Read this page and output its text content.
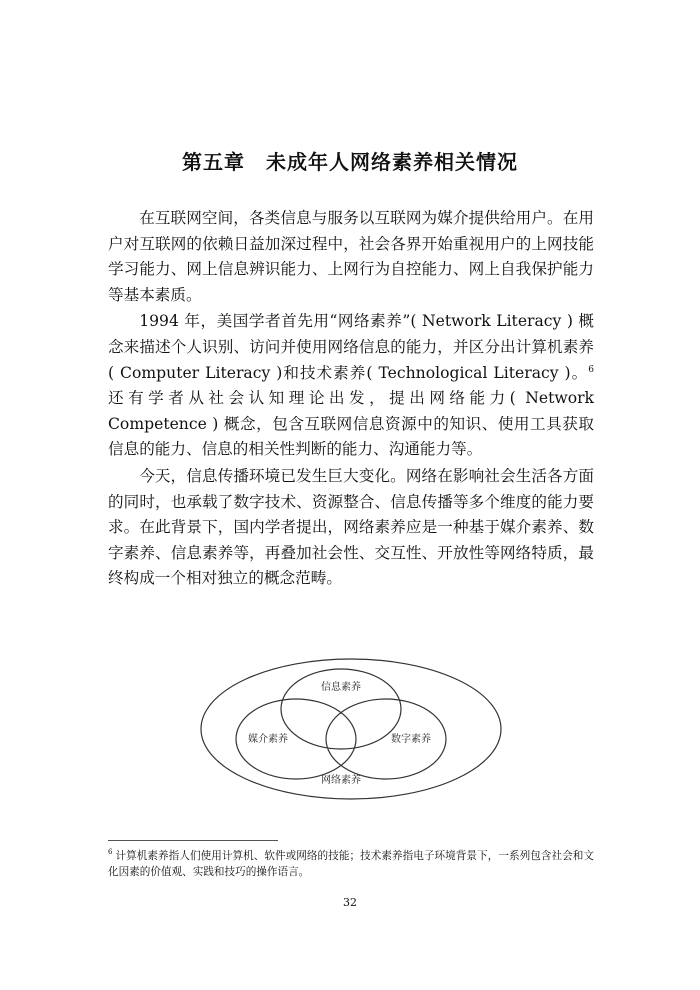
第五章　未成年人网络素养相关情况

在互联网空间，各类信息与服务以互联网为媒介提供给用户。在用户对互联网的依赖日益加深过程中，社会各界开始重视用户的上网技能学习能力、网上信息辨识能力、上网行为自控能力、网上自我保护能力等基本素质。

1994 年，美国学者首先用“网络素养”( Network Literacy ) 概念来描述个人识别、访问并使用网络信息的能力，并区分出计算机素养( Computer Literacy )和技术素养( Technological Literacy )。$^6$ 还有学者从社会认知理论出发，提出网络能力( Network Competence ) 概念，包含互联网信息资源中的知识、使用工具获取信息的能力、信息的相关性判断的能力、沟通能力等。

今天，信息传播环境已发生巨大变化。网络在影响社会生活各方面的同时，也承载了数字技术、资源整合、信息传播等多个维度的能力要求。在此背景下，国内学者提出，网络素养应是一种基于媒介素养、数字素养、信息素养等，再叠加社会性、交互性、开放性等网络特质，最终构成一个相对独立的概念范畴。

信息素养
媒介素养	数字素养
网络素养
$^6$ 计算机素养指人们使用计算机、软件或网络的技能；技术素养指电子环境背景下，一系列包含社会和文化因素的价值观、实践和技巧的操作语言。
32
